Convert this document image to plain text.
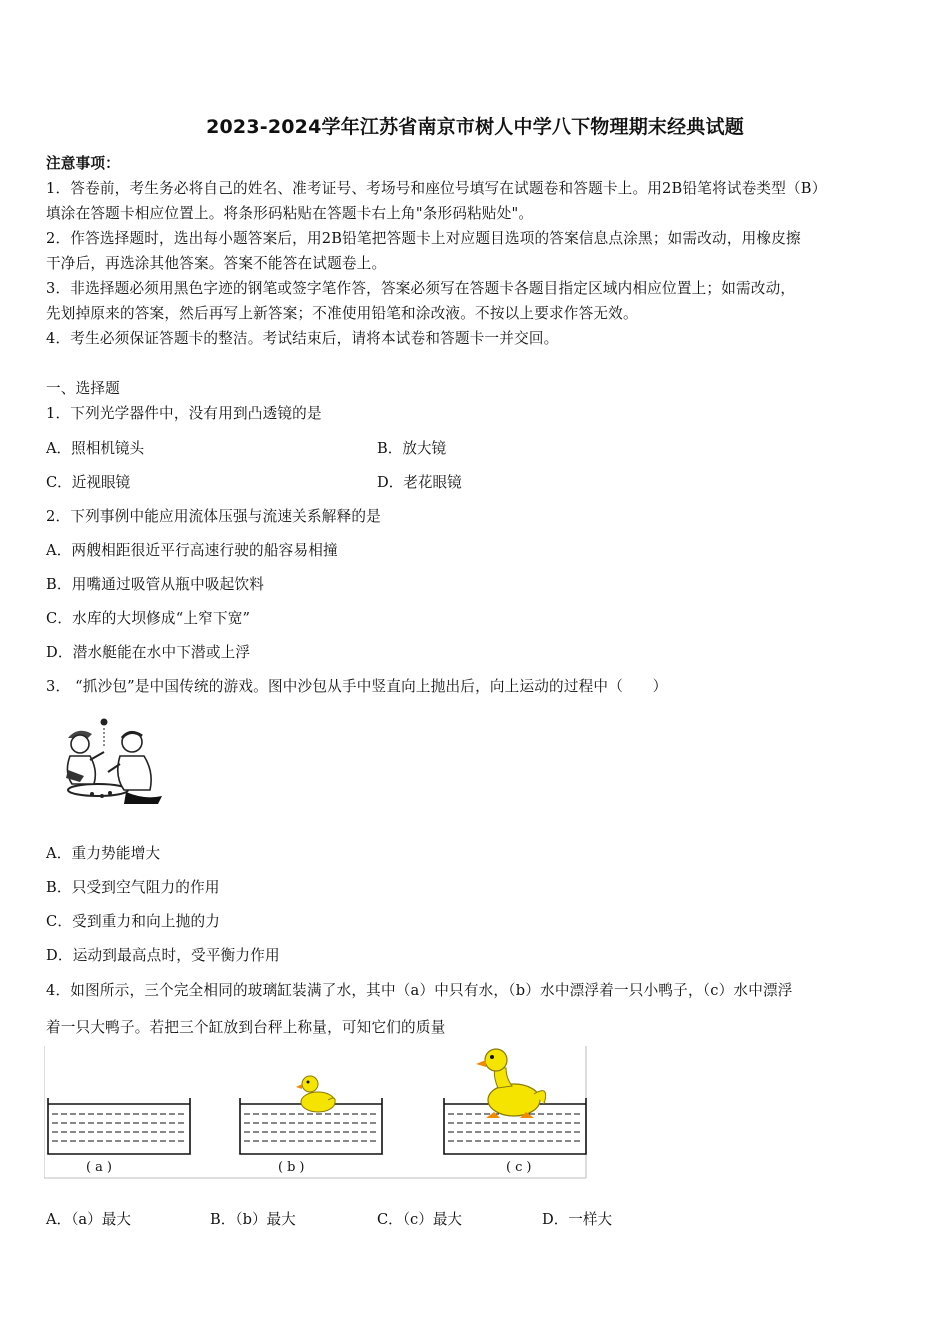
2023-2024学年江苏省南京市树人中学八下物理期末经典试题
注意事项：
1．答卷前，考生务必将自己的姓名、准考证号、考场号和座位号填写在试题卷和答题卡上。用2B铅笔将试卷类型（B）
填涂在答题卡相应位置上。将条形码粘贴在答题卡右上角"条形码粘贴处"。
2．作答选择题时，选出每小题答案后，用2B铅笔把答题卡上对应题目选项的答案信息点涂黑；如需改动，用橡皮擦
干净后，再选涂其他答案。答案不能答在试题卷上。
3．非选择题必须用黑色字迹的钢笔或签字笔作答，答案必须写在答题卡各题目指定区域内相应位置上；如需改动，
先划掉原来的答案，然后再写上新答案；不准使用铅笔和涂改液。不按以上要求作答无效。
4．考生必须保证答题卡的整洁。考试结束后，请将本试卷和答题卡一并交回。
一、选择题
1．下列光学器件中，没有用到凸透镜的是
A．照相机镜头	B．放大镜
C．近视眼镜	D．老花眼镜
2．下列事例中能应用流体压强与流速关系解释的是
A．两艘相距很近平行高速行驶的船容易相撞
B．用嘴通过吸管从瓶中吸起饮料
C．水库的大坝修成“上窄下宽”
D．潜水艇能在水中下潜或上浮
3． “抓沙包”是中国传统的游戏。图中沙包从手中竖直向上抛出后，向上运动的过程中（　　）
A．重力势能增大
B．只受到空气阻力的作用
C．受到重力和向上抛的力
D．运动到最高点时，受平衡力作用
4．如图所示，三个完全相同的玻璃缸装满了水，其中（a）中只有水，（b）水中漂浮着一只小鸭子，（c）水中漂浮
着一只大鸭子。若把三个缸放到台秤上称量，可知它们的质量
(a)	(b)	(c)
A．（a）最大	B．（b）最大	C．（c）最大	D．一样大
